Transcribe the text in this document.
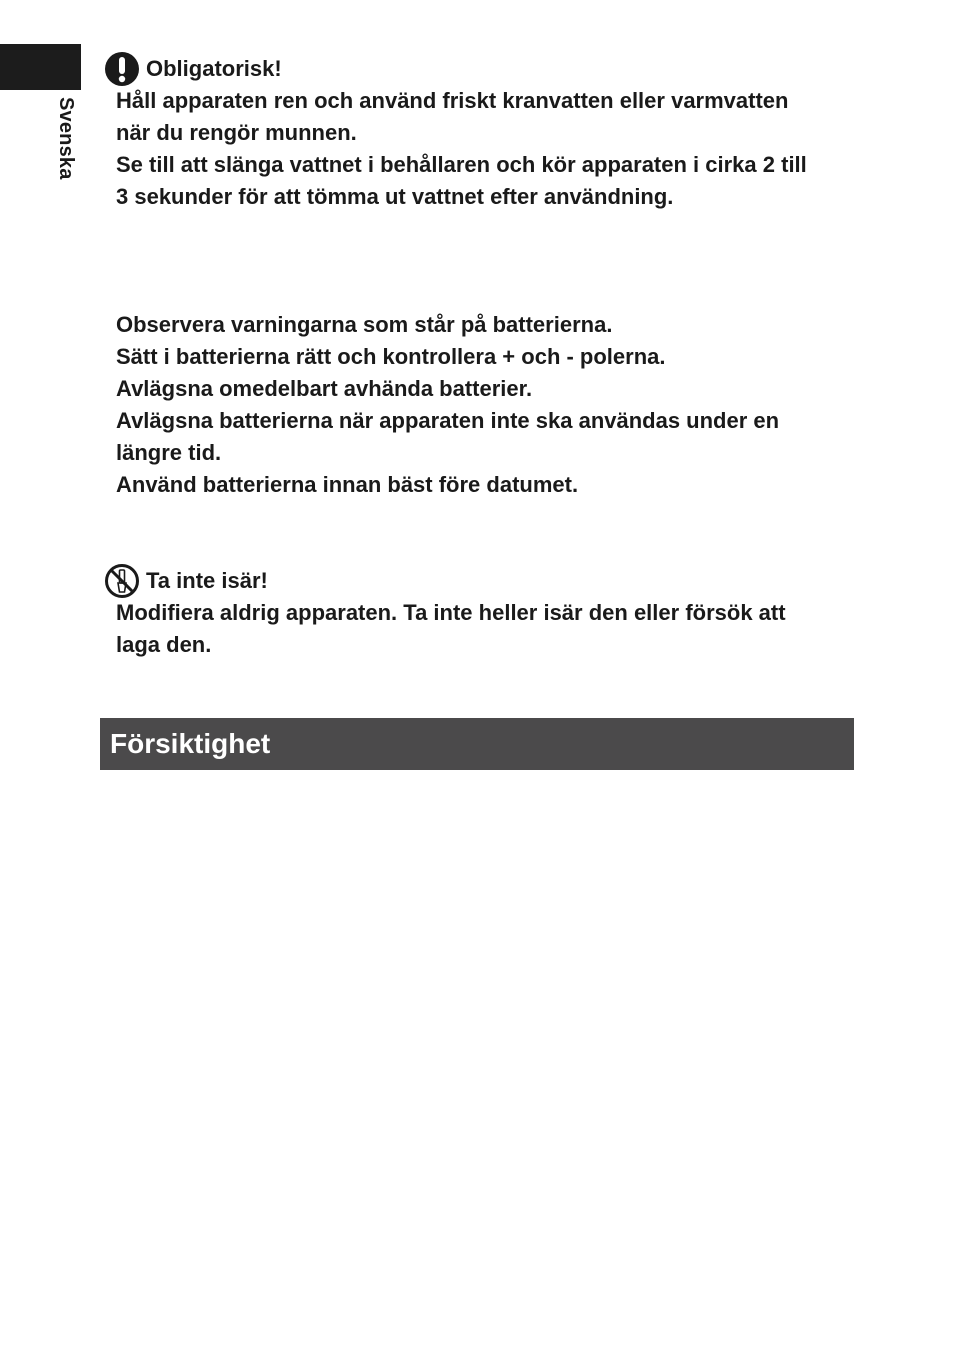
Svenska
Obligatorisk!
Håll apparaten ren och använd friskt kranvatten eller varmvatten
när du rengör munnen.
Se till att slänga vattnet i behållaren och kör apparaten i cirka 2 till
3 sekunder för att tömma ut vattnet efter användning.
Observera varningarna som står på batterierna.
Sätt i batterierna rätt och kontrollera + och - polerna.
Avlägsna omedelbart avhända batterier.
Avlägsna batterierna när apparaten inte ska användas under en
längre tid.
Använd batterierna innan bäst före datumet.
Ta inte isär!
Modifiera aldrig apparaten. Ta inte heller isär den eller försök att
laga den.
Försiktighet
